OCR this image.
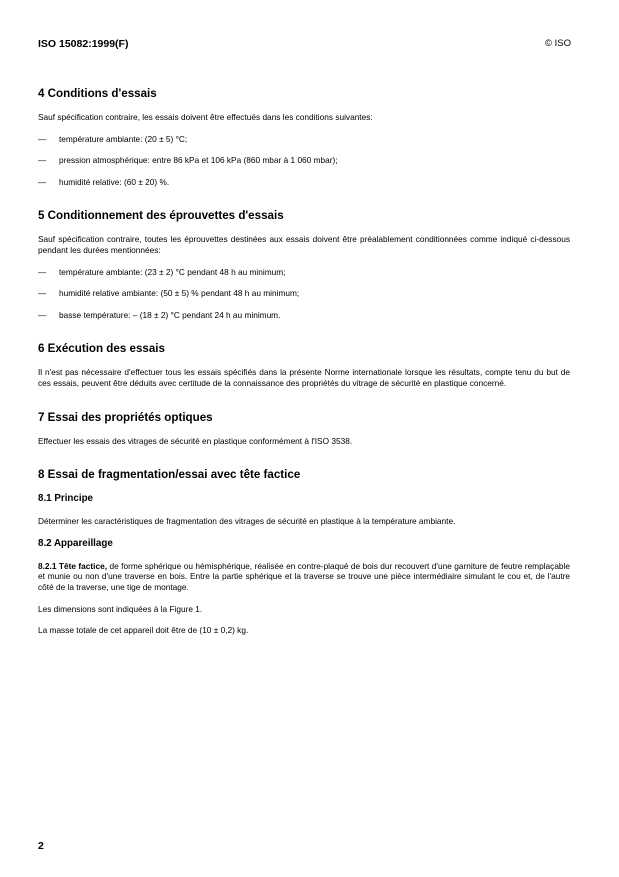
ISO 15082:1999(F)	© ISO
4 Conditions d'essais

Sauf spécification contraire, les essais doivent être effectués dans les conditions suivantes:

— température ambiante: (20 ± 5) °C;
— pression atmosphérique: entre 86 kPa et 106 kPa (860 mbar à 1 060 mbar);
— humidité relative: (60 ± 20) %.
5 Conditionnement des éprouvettes d'essais

Sauf spécification contraire, toutes les éprouvettes destinées aux essais doivent être préalablement conditionnées comme indiqué ci-dessous pendant les durées mentionnées:

— température ambiante: (23 ± 2) °C pendant 48 h au minimum;
— humidité relative ambiante: (50 ± 5) % pendant 48 h au minimum;
— basse température: – (18 ± 2) °C pendant 24 h au minimum.
6 Exécution des essais

Il n'est pas nécessaire d'effectuer tous les essais spécifiés dans la présente Norme internationale lorsque les résultats, compte tenu du but de ces essais, peuvent être déduits avec certitude de la connaissance des propriétés du vitrage de sécurité en plastique concerné.

7 Essai des propriétés optiques

Effectuer les essais des vitrages de sécurité en plastique conformément à l'ISO 3538.

8 Essai de fragmentation/essai avec tête factice
8.1 Principe

Déterminer les caractéristiques de fragmentation des vitrages de sécurité en plastique à la température ambiante.

8.2 Appareillage

8.2.1 Tête factice, de forme sphérique ou hémisphérique, réalisée en contre-plaqué de bois dur recouvert d'une garniture de feutre remplaçable et munie ou non d'une traverse en bois. Entre la partie sphérique et la traverse se trouve une pièce intermédiaire simulant le cou et, de l'autre côté de la traverse, une tige de montage.

Les dimensions sont indiquées à la Figure 1.

La masse totale de cet appareil doit être de (10 ± 0,2) kg.

2
